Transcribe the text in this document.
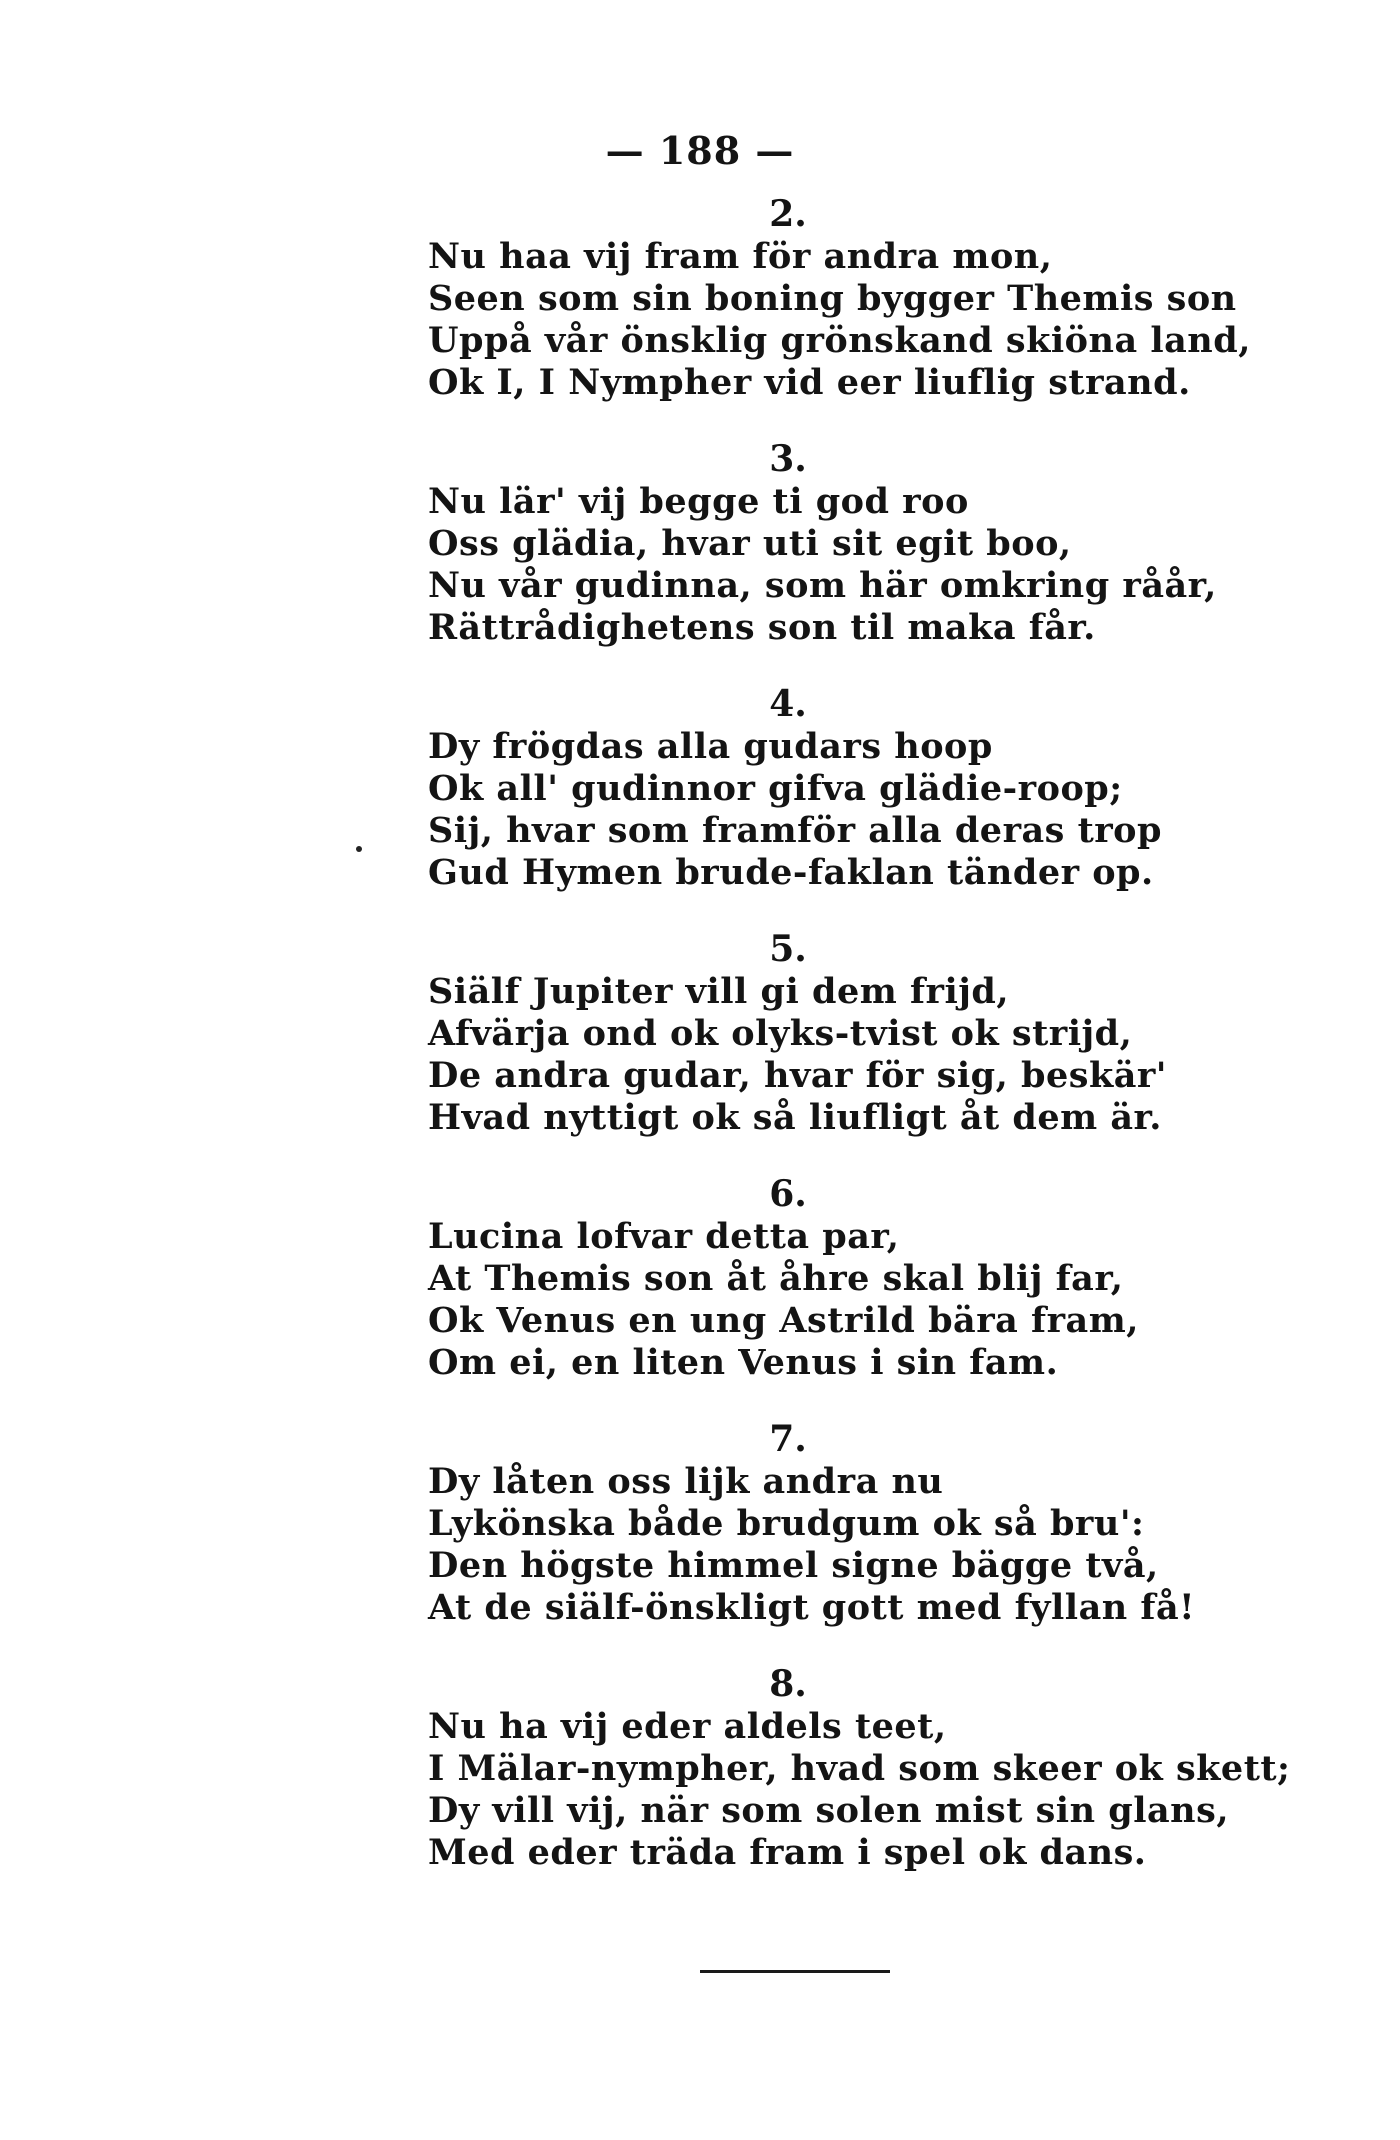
— 188 —
2.
Nu haa vij fram för andra mon,
Seen som sin boning bygger Themis son
Uppå vår önsklig grönskand skiöna land,
Ok I, I Nympher vid eer liuflig strand.
3.
Nu lär' vij begge ti god roo
Oss glädia, hvar uti sit egit boo,
Nu vår gudinna, som här omkring råår,
Rättrådighetens son til maka får.
4.
Dy frögdas alla gudars hoop
Ok all' gudinnor gifva glädie-roop;
Sij, hvar som framför alla deras trop
Gud Hymen brude-faklan tänder op.
5.
Siälf Jupiter vill gi dem frijd,
Afvärja ond ok olyks-tvist ok strijd,
De andra gudar, hvar för sig, beskär'
Hvad nyttigt ok så liufligt åt dem är.
6.
Lucina lofvar detta par,
At Themis son åt åhre skal blij far,
Ok Venus en ung Astrild bära fram,
Om ei, en liten Venus i sin fam.
7.
Dy låten oss lijk andra nu
Lykönska både brudgum ok så bru':
Den högste himmel signe bägge två,
At de siälf-önskligt gott med fyllan få!
8.
Nu ha vij eder aldels teet,
I Mälar-nympher, hvad som skeer ok skett;
Dy vill vij, när som solen mist sin glans,
Med eder träda fram i spel ok dans.
